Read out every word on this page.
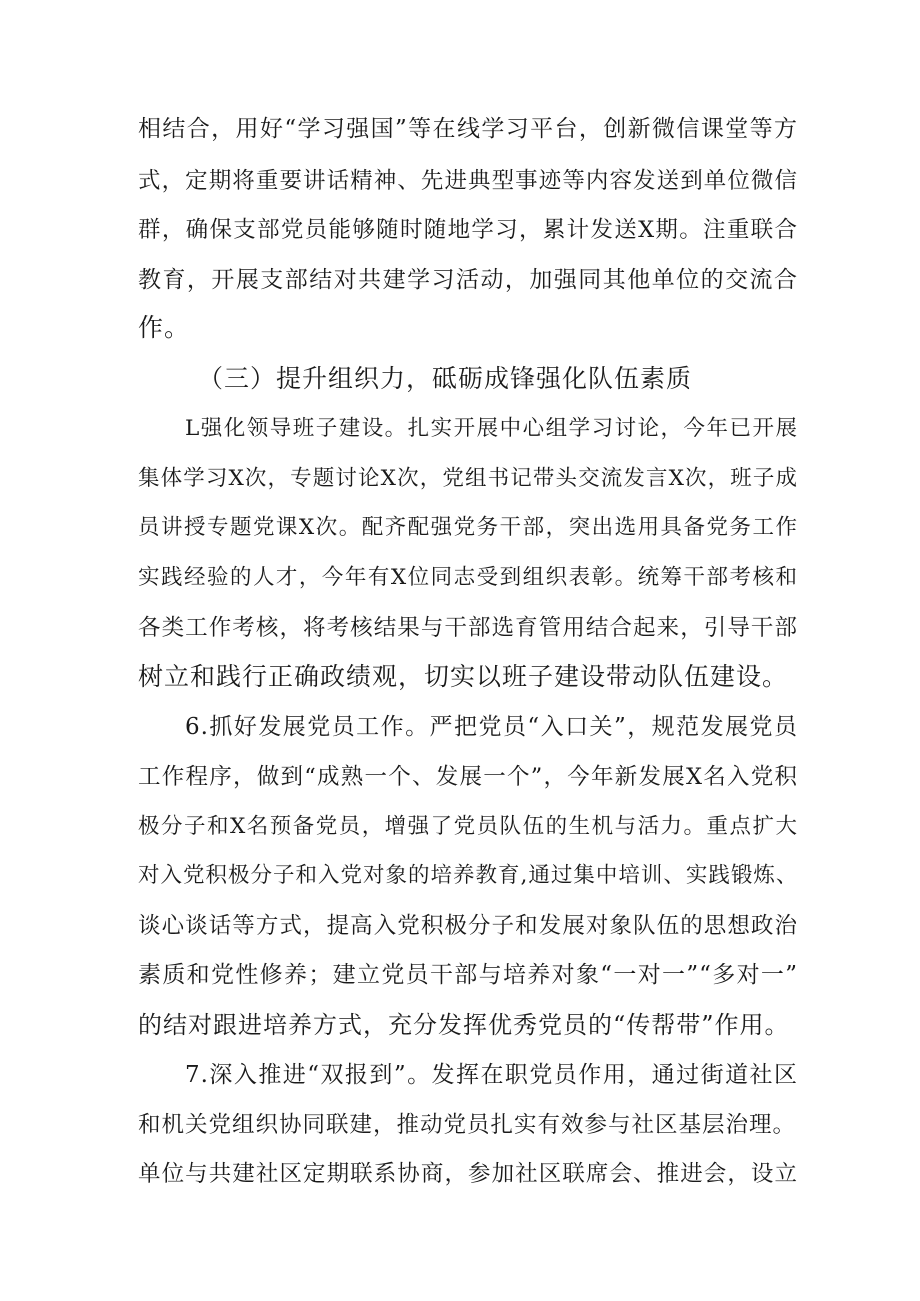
相结合，用好“学习强国”等在线学习平台，创新微信课堂等方
式，定期将重要讲话精神、先进典型事迹等内容发送到单位微信
群，确保支部党员能够随时随地学习，累计发送X期。注重联合
教育，开展支部结对共建学习活动，加强同其他单位的交流合
作。
（三）提升组织力，砥砺成锋强化队伍素质
L强化领导班子建设。扎实开展中心组学习讨论，今年已开展
集体学习X次，专题讨论X次，党组书记带头交流发言X次，班子成
员讲授专题党课X次。配齐配强党务干部，突出选用具备党务工作
实践经验的人才，今年有X位同志受到组织表彰。统筹干部考核和
各类工作考核，将考核结果与干部选育管用结合起来，引导干部
树立和践行正确政绩观，切实以班子建设带动队伍建设。
6.抓好发展党员工作。严把党员“入口关”，规范发展党员
工作程序，做到“成熟一个、发展一个”，今年新发展X名入党积
极分子和X名预备党员，增强了党员队伍的生机与活力。重点扩大
对入党积极分子和入党对象的培养教育,通过集中培训、实践锻炼、
谈心谈话等方式，提高入党积极分子和发展对象队伍的思想政治
素质和党性修养；建立党员干部与培养对象“一对一”“多对一”
的结对跟进培养方式，充分发挥优秀党员的“传帮带”作用。
7.深入推进“双报到”。发挥在职党员作用，通过街道社区
和机关党组织协同联建，推动党员扎实有效参与社区基层治理。
单位与共建社区定期联系协商，参加社区联席会、推进会，设立
